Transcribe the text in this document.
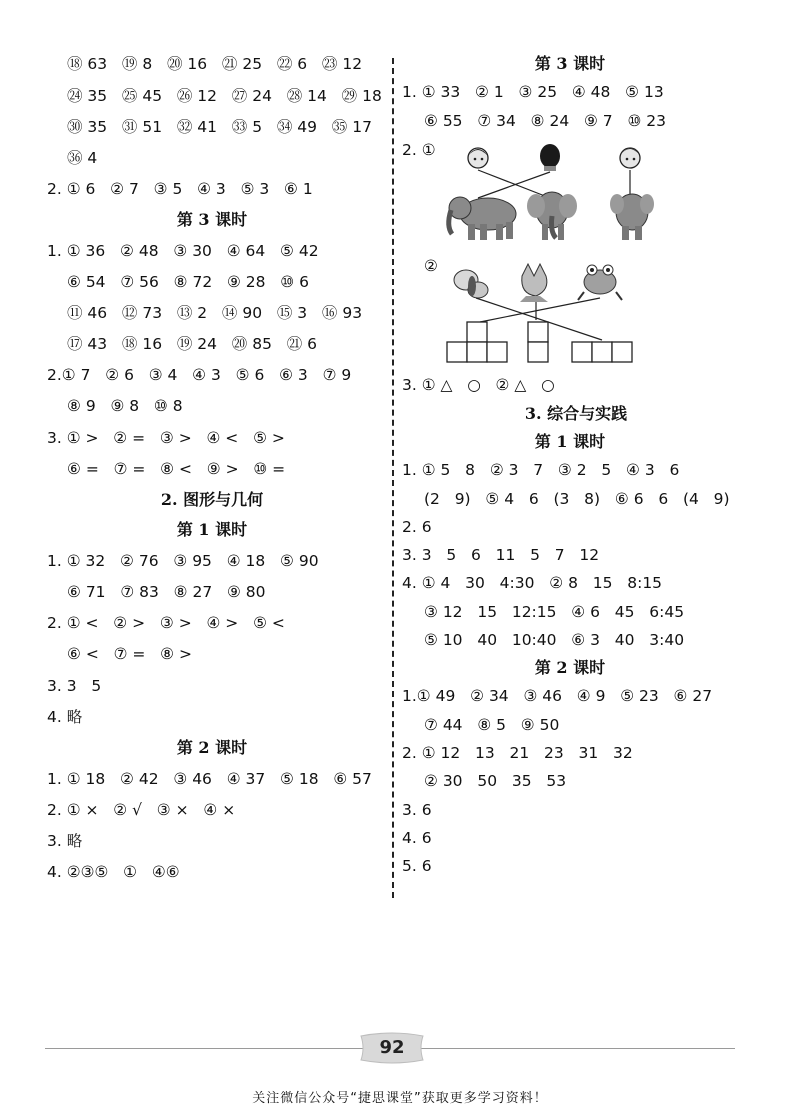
⑱ 63   ⑲ 8   ⑳ 16   ㉑ 25   ㉒ 6   ㉓ 12
㉔ 35   ㉕ 45   ㉖ 12   ㉗ 24   ㉘ 14   ㉙ 18
㉚ 35   ㉛ 51   ㉜ 41   ㉝ 5   ㉞ 49   ㉟ 17
㊱ 4
2. ① 6   ② 7   ③ 5   ④ 3   ⑤ 3   ⑥ 1
第 3 课时
1. ① 36   ② 48   ③ 30   ④ 64   ⑤ 42
⑥ 54   ⑦ 56   ⑧ 72   ⑨ 28   ⑩ 6
⑪ 46   ⑫ 73   ⑬ 2   ⑭ 90   ⑮ 3   ⑯ 93
⑰ 43   ⑱ 16   ⑲ 24   ⑳ 85   ㉑ 6
2.① 7   ② 6   ③ 4   ④ 3   ⑤ 6   ⑥ 3   ⑦ 9
⑧ 9   ⑨ 8   ⑩ 8
3. ① >   ② =   ③ >   ④ <   ⑤ >
⑥ =   ⑦ =   ⑧ <   ⑨ >   ⑩ =
2. 图形与几何
第 1 课时
1. ① 32   ② 76   ③ 95   ④ 18   ⑤ 90
⑥ 71   ⑦ 83   ⑧ 27   ⑨ 80
2. ① <   ② >   ③ >   ④ >   ⑤ <
⑥ <   ⑦ =   ⑧ >
3. 3   5
4. 略
第 2 课时
1. ① 18   ② 42   ③ 46   ④ 37   ⑤ 18   ⑥ 57
2. ① ×   ② √   ③ ×   ④ ×
3. 略
4. ②③⑤   ①   ④⑥
第 3 课时
1. ① 33   ② 1   ③ 25   ④ 48   ⑤ 13
⑥ 55   ⑦ 34   ⑧ 24   ⑨ 7   ⑩ 23
2. ①
②
3. ① △   ○   ② △   ○
3. 综合与实践
第 1 课时
1. ① 5   8   ② 3   7   ③ 2   5   ④ 3   6
(2   9)   ⑤ 4   6   (3   8)   ⑥ 6   6   (4   9)
2. 6
3. 3   5   6   11   5   7   12
4. ① 4   30   4:30   ② 8   15   8:15
③ 12   15   12:15   ④ 6   45   6:45
⑤ 10   40   10:40   ⑥ 3   40   3:40
第 2 课时
1.① 49   ② 34   ③ 46   ④ 9   ⑤ 23   ⑥ 27
⑦ 44   ⑧ 5   ⑨ 50
2. ① 12   13   21   23   31   32
② 30   50   35   53
3. 6
4. 6
5. 6
92
关注微信公众号“捷思课堂”获取更多学习资料！
